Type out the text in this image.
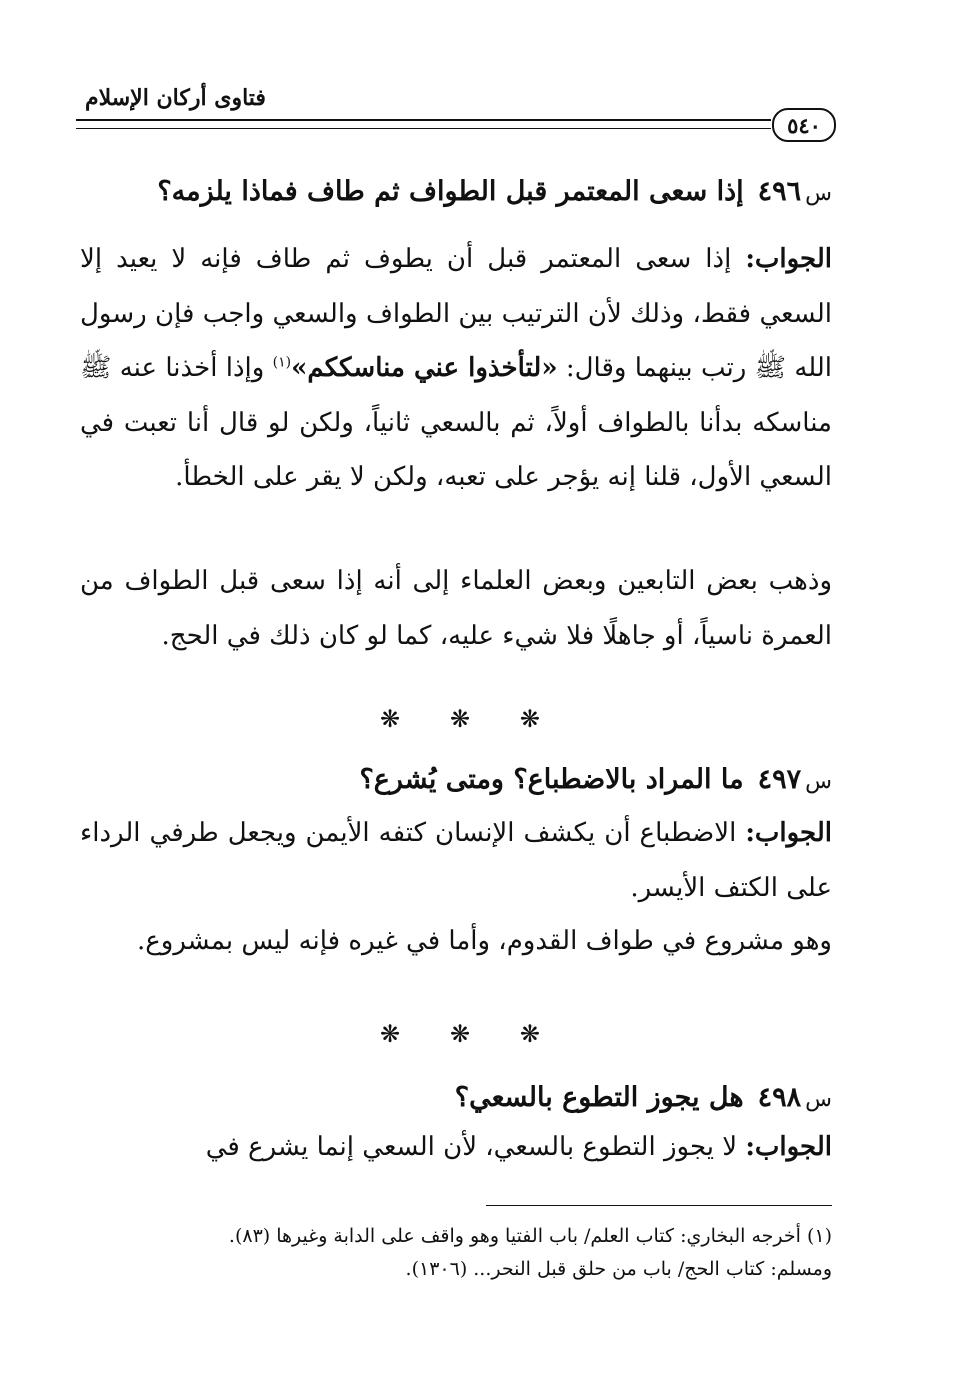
فتاوى أركان الإسلام
٥٤٠
س٤٩٦إذا سعى المعتمر قبل الطواف ثم طاف فماذا يلزمه؟
الجواب: إذا سعى المعتمر قبل أن يطوف ثم طاف فإنه لا يعيد إلا السعي فقط، وذلك لأن الترتيب بين الطواف والسعي واجب فإن رسول الله ﷺ رتب بينهما وقال: «لتأخذوا عني مناسككم»$^{(١)}$ وإذا أخذنا عنه ﷺ مناسكه بدأنا بالطواف أولاً، ثم بالسعي ثانياً، ولكن لو قال أنا تعبت في السعي الأول، قلنا إنه يؤجر على تعبه، ولكن لا يقر على الخطأ.
وذهب بعض التابعين وبعض العلماء إلى أنه إذا سعى قبل الطواف من العمرة ناسياً، أو جاهلًا فلا شيء عليه، كما لو كان ذلك في الحج.
❋ ❋ ❋
س٤٩٧ما المراد بالاضطباع؟ ومتى يُشرع؟
الجواب: الاضطباع أن يكشف الإنسان كتفه الأيمن ويجعل طرفي الرداء على الكتف الأيسر.
وهو مشروع في طواف القدوم، وأما في غيره فإنه ليس بمشروع.
❋ ❋ ❋
س٤٩٨هل يجوز التطوع بالسعي؟
الجواب: لا يجوز التطوع بالسعي، لأن السعي إنما يشرع في
(١) أخرجه البخاري: كتاب العلم/ باب الفتيا وهو واقف على الدابة وغيرها (٨٣).
ومسلم: كتاب الحج/ باب من حلق قبل النحر... (١٣٠٦).
